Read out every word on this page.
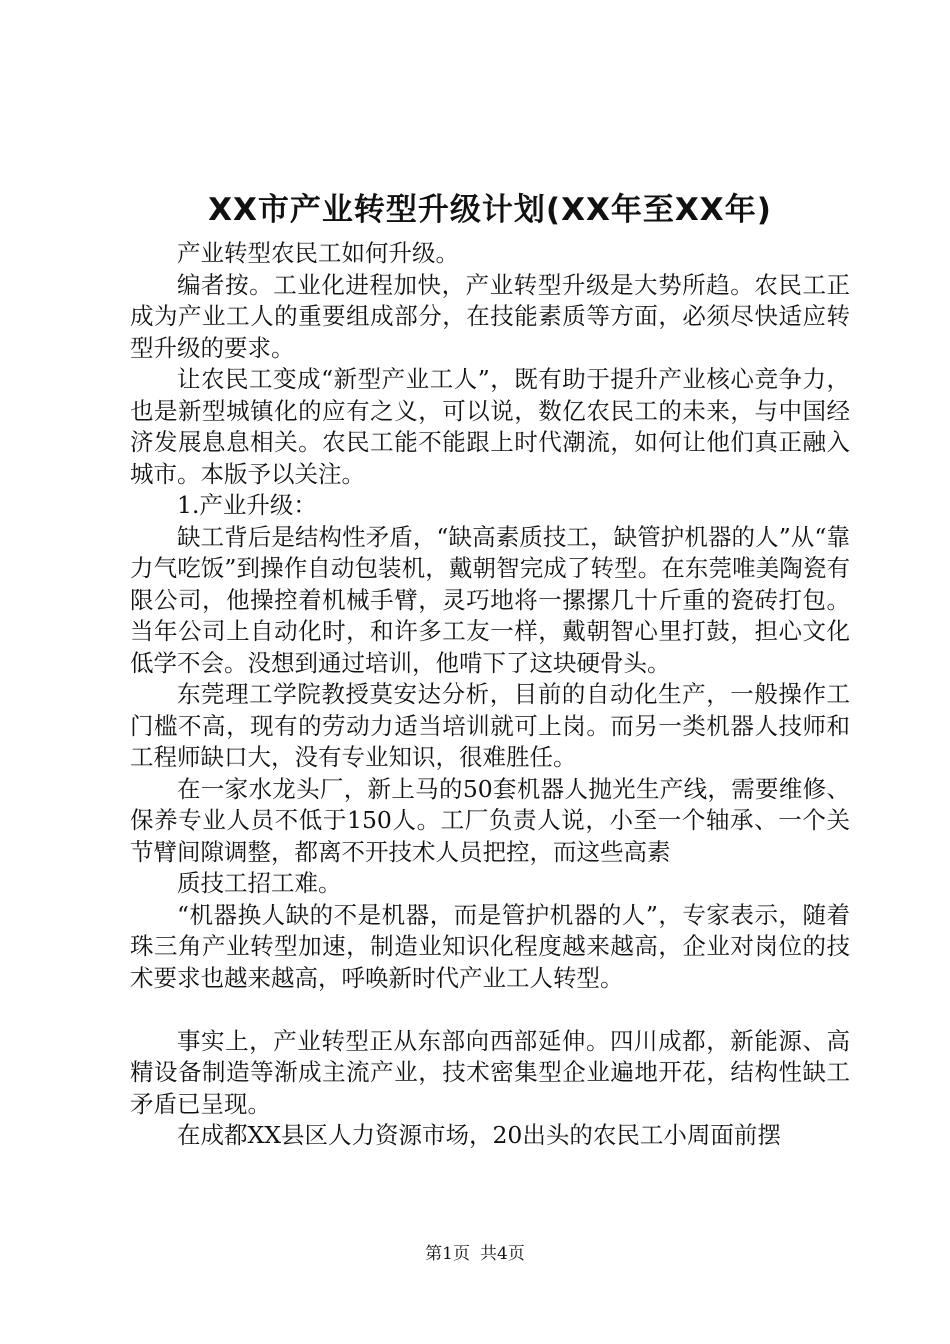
XX市产业转型升级计划(XX年至XX年)

产业转型农民工如何升级。

编者按。工业化进程加快，产业转型升级是大势所趋。农民工正成为产业工人的重要组成部分，在技能素质等方面，必须尽快适应转型升级的要求。

让农民工变成“新型产业工人”，既有助于提升产业核心竞争力，也是新型城镇化的应有之义，可以说，数亿农民工的未来，与中国经济发展息息相关。农民工能不能跟上时代潮流，如何让他们真正融入城市。本版予以关注。

1.产业升级：

缺工背后是结构性矛盾，“缺高素质技工，缺管护机器的人”从“靠力气吃饭”到操作自动包装机，戴朝智完成了转型。在东莞唯美陶瓷有限公司，他操控着机械手臂，灵巧地将一摞摞几十斤重的瓷砖打包。当年公司上自动化时，和许多工友一样，戴朝智心里打鼓，担心文化低学不会。没想到通过培训，他啃下了这块硬骨头。

东莞理工学院教授莫安达分析，目前的自动化生产，一般操作工门槛不高，现有的劳动力适当培训就可上岗。而另一类机器人技师和工程师缺口大，没有专业知识，很难胜任。

在一家水龙头厂，新上马的50套机器人抛光生产线，需要维修、保养专业人员不低于150人。工厂负责人说，小至一个轴承、一个关节臂间隙调整，都离不开技术人员把控，而这些高素

质技工招工难。

“机器换人缺的不是机器，而是管护机器的人”，专家表示，随着珠三角产业转型加速，制造业知识化程度越来越高，企业对岗位的技术要求也越来越高，呼唤新时代产业工人转型。

事实上，产业转型正从东部向西部延伸。四川成都，新能源、高精设备制造等渐成主流产业，技术密集型企业遍地开花，结构性缺工矛盾已呈现。

在成都XX县区人力资源市场，20出头的农民工小周面前摆

第1页 共4页
